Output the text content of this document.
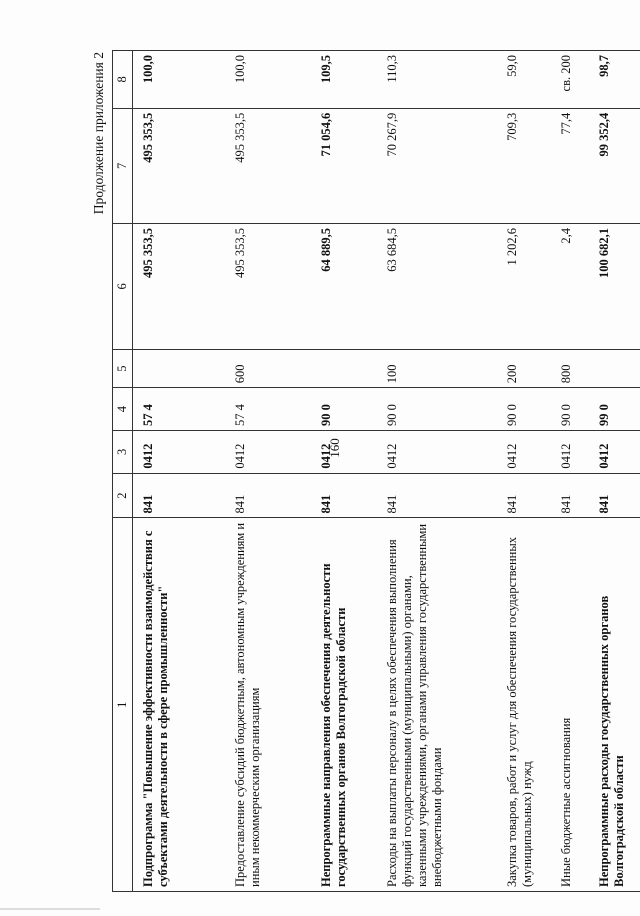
160
Продолжение приложения 2
1	2	3	4	5	6	7	8
Подпрограмма "Повышение эффективности взаимодействия с субъектами деятельности в сфере промышленности"	841	0412	57 4		495 353,5	495 353,5	100,0
Предоставление субсидий бюджетным, автономным учреждениям и иным некоммерческим организациям	841	0412	57 4	600	495 353,5	495 353,5	100,0
Непрограммные направления обеспечения деятельности государственных органов Волгоградской области	841	0412	90 0		64 889,5	71 054,6	109,5
Расходы на выплаты персоналу в целях обеспечения выполнения функций государственными (муниципальными) органами, казенными учреждениями, органами управления государственными внебюджетными фондами	841	0412	90 0	100	63 684,5	70 267,9	110,3
Закупка товаров, работ и услуг для обеспечения государственных (муниципальных) нужд	841	0412	90 0	200	1 202,6	709,3	59,0
Иные бюджетные ассигнования	841	0412	90 0	800	2,4	77,4	св. 200
Непрограммные расходы государственных органов Волгоградской области	841	0412	99 0		100 682,1	99 352,4	98,7
